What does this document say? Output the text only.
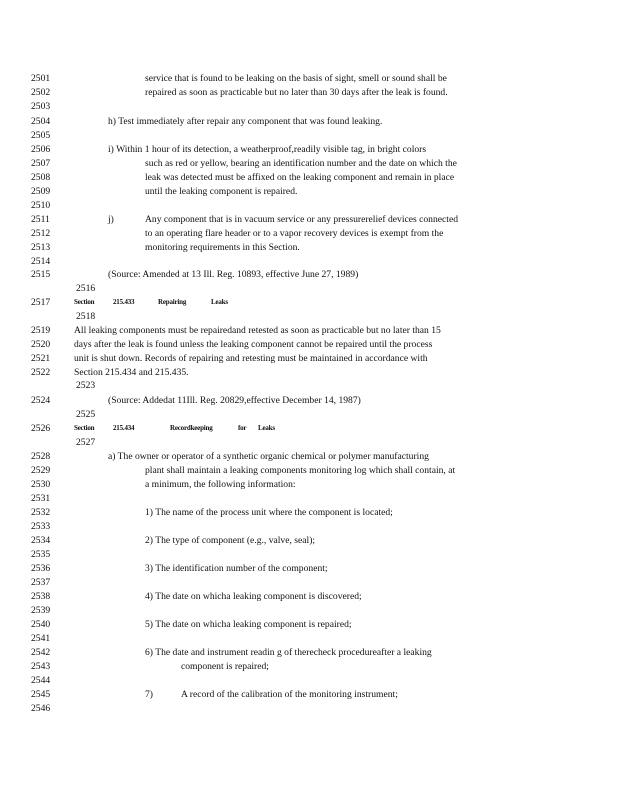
2501	service that is found to be leaking on the basis of sight, smell or sound shall be
2502	repaired as soon as practicable but no later than 30 days after the leak is found.
2503
2504	h) Test immediately after repair any component that was found leaking.
2505
2506	i) Within 1 hour of its detection, a weatherproof,readily visible tag, in bright colors
2507	such as red or yellow, bearing an identification number and the date on which the
2508	leak was detected must be affixed on the leaking component and remain in place
2509	until the leaking component is repaired.
2510
2511	j)	Any component that is in vacuum service or any pressurerelief devices connected
2512	to an operating flare header or to a vapor recovery devices is exempt from the
2513	monitoring requirements in this Section.
2514
2515	(Source: Amended at 13 Ill. Reg. 10893, effective June 27, 1989)
2516
2517	Section	215.433	Repairing	Leaks
2518
2519 All leaking components must be repairedand retested as soon as practicable but no later than 15
2520 days after the leak is found unless the leaking component cannot be repaired until the process
2521 unit is shut down. Records of repairing and retesting must be maintained in accordance with
2522 Section 215.434 and 215.435.
2523
2524	(Source: Addedat 11Ill. Reg. 20829,effective December 14, 1987)
2525
2526	Section	215.434	Recordkeeping	for Leaks
2527
2528	a) The owner or operator of a synthetic organic chemical or polymer manufacturing
2529	plant shall maintain a leaking components monitoring log which shall contain, at
2530	a minimum, the following information:
2531
2532	1) The name of the process unit where the component is located;
2533
2534	2) The type of component (e.g., valve, seal);
2535
2536	3) The identification number of the component;
2537
2538	4) The date on whicha leaking component is discovered;
2539
2540	5) The date on whicha leaking component is repaired;
2541
2542	6) The date and instrument readin g of therecheck procedureafter a leaking
2543	component is repaired;
2544
2545	7)	A record of the calibration of the monitoring instrument;
2546
